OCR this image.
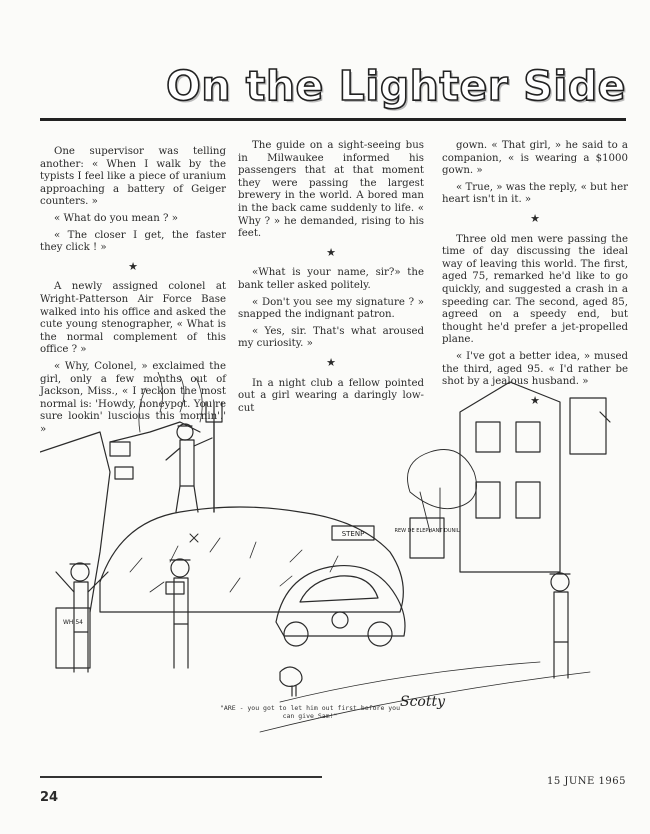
On the Lighter Side

One supervisor was telling another: « When I walk by the typists I feel like a piece of uranium approaching a battery of Geiger counters. »

« What do you mean ? »

« The closer I get, the faster they click ! »

★

A newly assigned colonel at Wright-Patterson Air Force Base walked into his office and asked the cute young stenographer, « What is the normal complement of this office ? »

« Why, Colonel, » exclaimed the girl, only a few months out of Jackson, Miss., « I reckon the most normal is: 'Howdy, honeypot. You're sure lookin' luscious this mornin'.' »

The guide on a sight-seeing bus in Milwaukee informed his passengers that at that moment they were passing the largest brewery in the world. A bored man in the back came suddenly to life. « Why ? » he demanded, rising to his feet.

★

«What is your name, sir?» the bank teller asked politely.

« Don't you see my signature ? » snapped the indignant patron.

« Yes, sir. That's what aroused my curiosity. »

★

In a night club a fellow pointed out a girl wearing a daringly low-cut

gown. « That girl, » he said to a companion, « is wearing a $1000 gown. »

« True, » was the reply, « but her heart isn't in it. »

★

Three old men were passing the time of day discussing the ideal way of leaving this world. The first, aged 75, remarked he'd like to go quickly, and suggested a crash in a speeding car. The second, aged 85, agreed on a speedy end, but thought he'd prefer a jet-propelled plane.

« I've got a better idea, » mused the third, aged 95. « I'd rather be shot by a jealous husband. »

★

STENP	REW DE ELEPHANT DUNIL
WH 54
Scotty
"ARE - you got to let him out first before you can give Sam!"
24
15 JUNE 1965
